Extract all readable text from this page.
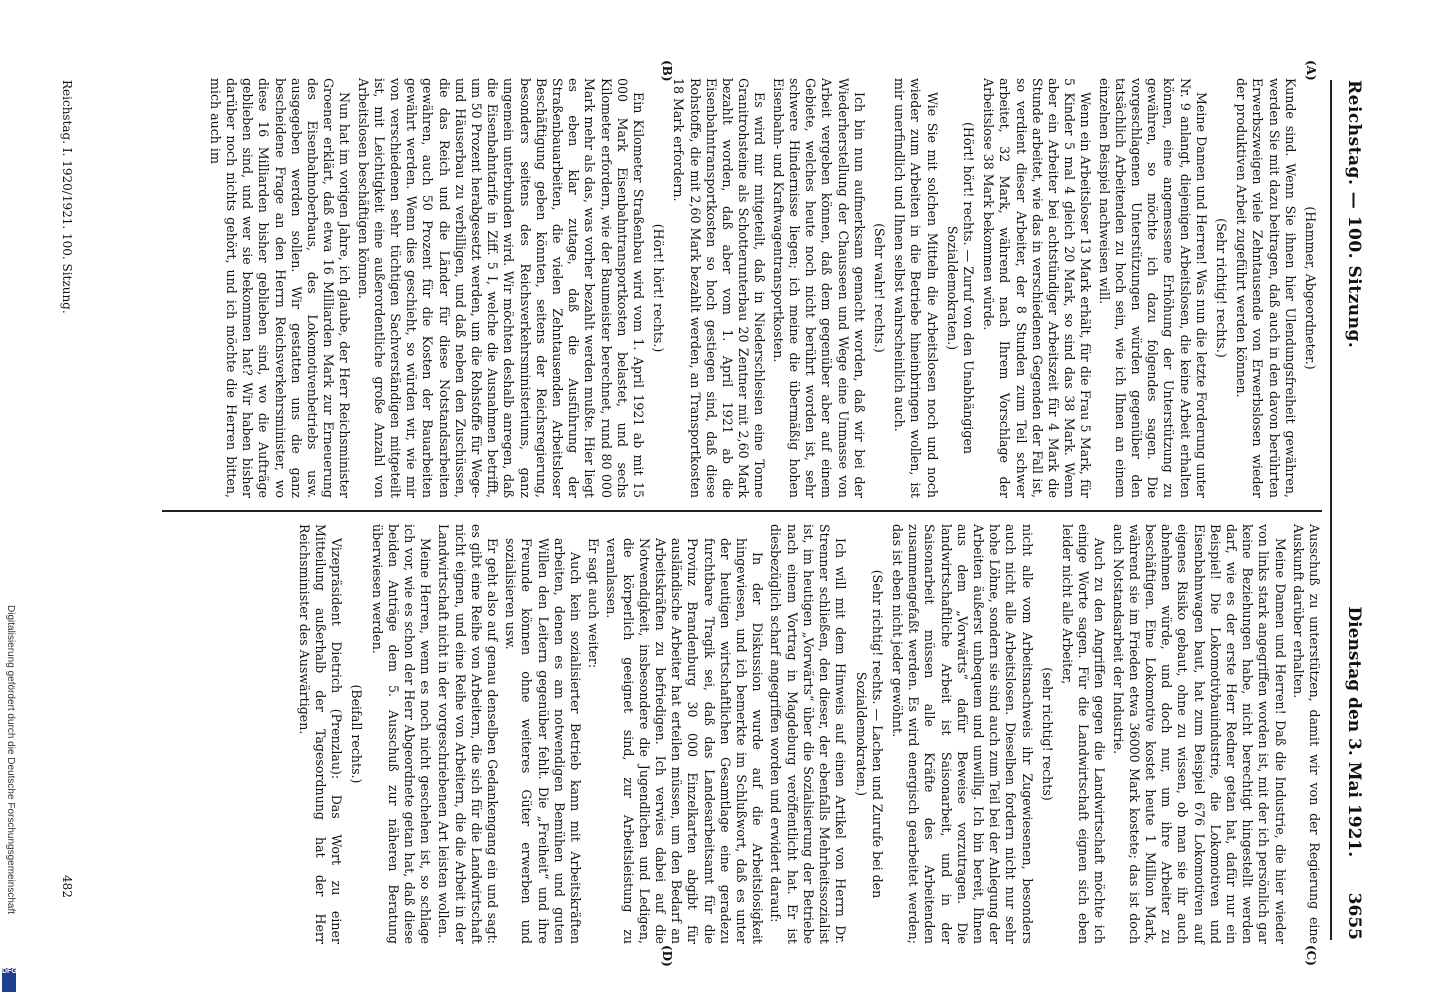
Reichstag. — 100. Sitzung.
Dienstag den 3. Mai 1921.      3655
(A)
(B)
(C)
(D)

(Hammer, Abgeordneter.)

Kunde sind. Wenn Sie ihnen hier Ulendungsfreiheit gewähren, werden Sie mit dazu beitragen, daß auch in den davon berührten Erwerbszweigen viele Zehntausende von Erwerbslosen wieder der produktiven Arbeit zugeführt werden können.

(Sehr richtig! rechts.)

Meine Damen und Herren! Was nun die letzte Forderung unter Nr. 9 anlangt, diejenigen Arbeitslosen, die keine Arbeit erhalten können, eine angemessene Erhöhung der Unterstützung zu gewähren, so möchte ich dazu folgendes sagen. Die vorgeschlagenen Unterstützungen würden gegenüber den tatsächlich Arbeitenden zu hoch sein, wie ich Ihnen an einem einzelnen Beispiel nachweisen will.

Wenn ein Arbeitsloser 13 Mark erhält, für die Frau 5 Mark, für 5 Kinder 5 mal 4 gleich 20 Mark, so sind das 38 Mark. Wenn aber ein Arbeiter bei achtstündiger Arbeitszeit für 4 Mark die Stunde arbeitet, wie das in verschiedenen Gegenden der Fall ist, so verdient dieser Arbeiter, der 8 Stunden zum Teil schwer arbeitet, 32 Mark, während nach Ihrem Vorschlage der Arbeitslose 38 Mark bekommen würde.

(Hört! hört! rechts. — Zuruf von den Unabhängigen Sozialdemokraten.)

Wie Sie mit solchen Mitteln die Arbeitslosen noch und noch wieder zum Arbeiten in die Betriebe hineinbringen wollen, ist mir unerfindlich und Ihnen selbst wahrscheinlich auch.

(Sehr wahr! rechts.)

Ich bin nun aufmerksam gemacht worden, daß wir bei der Wiederherstellung der Chausseen und Wege eine Unmasse von Arbeit vergeben können, daß dem gegenüber aber auf einem Gebiete, welches heute noch nicht berührt worden ist, sehr schwere Hindernisse liegen; ich meine die übermäßig hohen Eisenbahn- und Kraftwagentransportkosten.

Es wird mir mitgeteilt, daß in Niederschlesien eine Tonne Granitrohsteine als Schotterunterbau 20 Zentner mit 2,60 Mark bezahlt worden, daß aber vom 1. April 1921 ab die Eisenbahntransportkosten so hoch gestiegen sind, daß diese Rohstoffe, die mit 2,60 Mark bezahlt werden, an Transportkosten 18 Mark erfordern.

(Hört! hört! rechts.)

Ein Kilometer Straßenbau wird vom 1. April 1921 ab mit 15 000 Mark Eisenbahntransportkosten belastet, und sechs Kilometer erfordern, wie der Baumeister berechnet, rund 80 000 Mark mehr als das, was vorher bezahlt werden mußte. Hier liegt es eben klar zutage, daß die Ausführung der Straßenbauarbeiten, die vielen Zehntausenden Arbeitsloser Beschäftigung geben könnten, seitens der Reichsregierung, besonders seitens des Reichsverkehrsministeriums, ganz ungemein unterbunden wird. Wir möchten deshalb anregen, daß die Eisenbahntarife in Ziff. 5 I, welche die Ausnahmen betrifft, um 50 Prozent herabgesetzt werden, um die Rohstoffe für Wege- und Häuserbau zu verbilligen, und daß neben den Zuschüssen, die das Reich und die Länder für diese Notstandsarbeiten gewähren, auch 50 Prozent für die Kosten der Bauarbeiten gewährt werden. Wenn dies geschieht, so würden wir, wie mir von verschiedenen sehr tüchtigen Sachverständigen mitgeteilt ist, mit Leichtigkeit eine außerordentliche große Anzahl von Arbeitslosen beschäftigen können.

Nun hat im vorigen Jahre, ich glaube, der Herr Reichsminister Groener erklärt, daß etwa 16 Milliarden Mark zur Erneuerung des Eisenbahnoberbaus, des Lokomotivenbetriebs usw. ausgegeben werden sollen. Wir gestatten uns die ganz bescheidene Frage an den Herrn Reichsverkehrsminister, wo diese 16 Milliarden bisher geblieben sind, wo die Aufträge geblieben sind, und wer sie bekommen hat? Wir haben bisher darüber noch nichts gehört, und ich möchte die Herren bitten, mich auch im

Ausschuß zu unterstützen, damit wir von der Regierung eine Auskunft darüber erhalten.

Meine Damen und Herren! Daß die Industrie, die hier wieder von links stark angegriffen worden ist, mit der ich persönlich gar keine Beziehungen habe, nicht berechtigt hingestellt werden darf, wie es der erste Herr Redner getan hat, dafür nur ein Beispiel! Die Lokomotivbauindustrie, die Lokomotiven und Eisenbahnwagen baut, hat zum Beispiel 676 Lokomotiven auf eigenes Risiko gebaut, ohne zu wissen, ob man sie ihr auch abnehmen würde, und doch nur, um ihre Arbeiter zu beschäftigen. Eine Lokomotive kostet heute 1 Million Mark, während sie im Frieden etwa 36000 Mark kostete; das ist doch auch Notstandsarbeit der Industrie.

Auch zu den Angriffen gegen die Landwirtschaft möchte ich einige Worte sagen. Für die Landwirtschaft eignen sich eben leider nicht alle Arbeiter,

(sehr richtig! rechts)

nicht alle vom Arbeitsnachweis ihr Zugewiesenen, besonders auch nicht alle Arbeitslosen. Dieselben fordern nicht nur sehr hohe Löhne, sondern sie sind auch zum Teil bei der Anlegung der Arbeiten äußerst unbequem und unwillig. Ich bin bereit, Ihnen aus dem „Vorwärts“ dafür Beweise vorzutragen. Die landwirtschaftliche Arbeit ist Saisonarbeit, und in der Saisonarbeit müssen alle Kräfte des Arbeitenden zusammengefaßt werden. Es wird energisch gearbeitet werden; das ist eben nicht jeder gewöhnt.

(Sehr richtig! rechts. — Lachen und Zurufe bei den Sozialdemokraten.)

Ich will mit dem Hinweis auf einen Artikel von Herrn Dr. Strenner schließen, den dieser, der ebenfalls Mehrheitssozialist ist, im heutigen „Vorwärts“ über die Sozialisierung der Betriebe nach einem Vortrag in Magdeburg veröffentlicht hat. Er ist diesbezüglich scharf angegriffen worden und erwidert darauf:

In der Diskussion wurde auf die Arbeitslosigkeit hingewiesen, und ich bemerkte im Schlußwort, daß es unter der heutigen wirtschaftlichen Gesamtlage eine geradezu furchtbare Tragik sei, daß das Landesarbeitsamt für die Provinz Brandenburg 30 000 Einzelkarten abgibt für ausländische Arbeiter hat erteilen müssen, um den Bedarf an Arbeitskräften zu befriedigen. Ich verwies dabei auf die Notwendigkeit, insbesondere die Jugendlichen und Ledigen, die körperlich geeignet sind, zur Arbeitsleistung zu veranlassen.

Er sagt auch weiter:

Auch kein sozialisierter Betrieb kann mit Arbeitskräften arbeiten, denen es am notwendigen Bemühen und guten Willen den Leitern gegenüber fehlt. Die „Freiheit“ und ihre Freunde können ohne weiteres Güter erwerben und sozialisieren usw.

Er geht also auf genau denselben Gedankengang ein und sagt: es gibt eine Reihe von Arbeitern, die sich für die Landwirtschaft nicht eignen, und eine Reihe von Arbeitern, die die Arbeit in der Landwirtschaft nicht in der vorgeschriebenen Art leisten wollen.

Meine Herren, wenn es noch nicht geschehen ist, so schlage ich vor, wie es schon der Herr Abgeordnete getan hat, daß diese beiden Anträge dem 5. Ausschuß zur näheren Beratung überwiesen werden.

(Beifall rechts.)

Vizepräsident Dietrich (Prenzlau): Das Wort zu einer Mitteilung außerhalb der Tagesordnung hat der Herr Reichsminister des Auswärtigen.

Reichstag. I. 1920/1921. 100. Sitzung.
482
Digitalisierung gefördert durch die Deutsche Forschungsgemeinschaft
DFG
